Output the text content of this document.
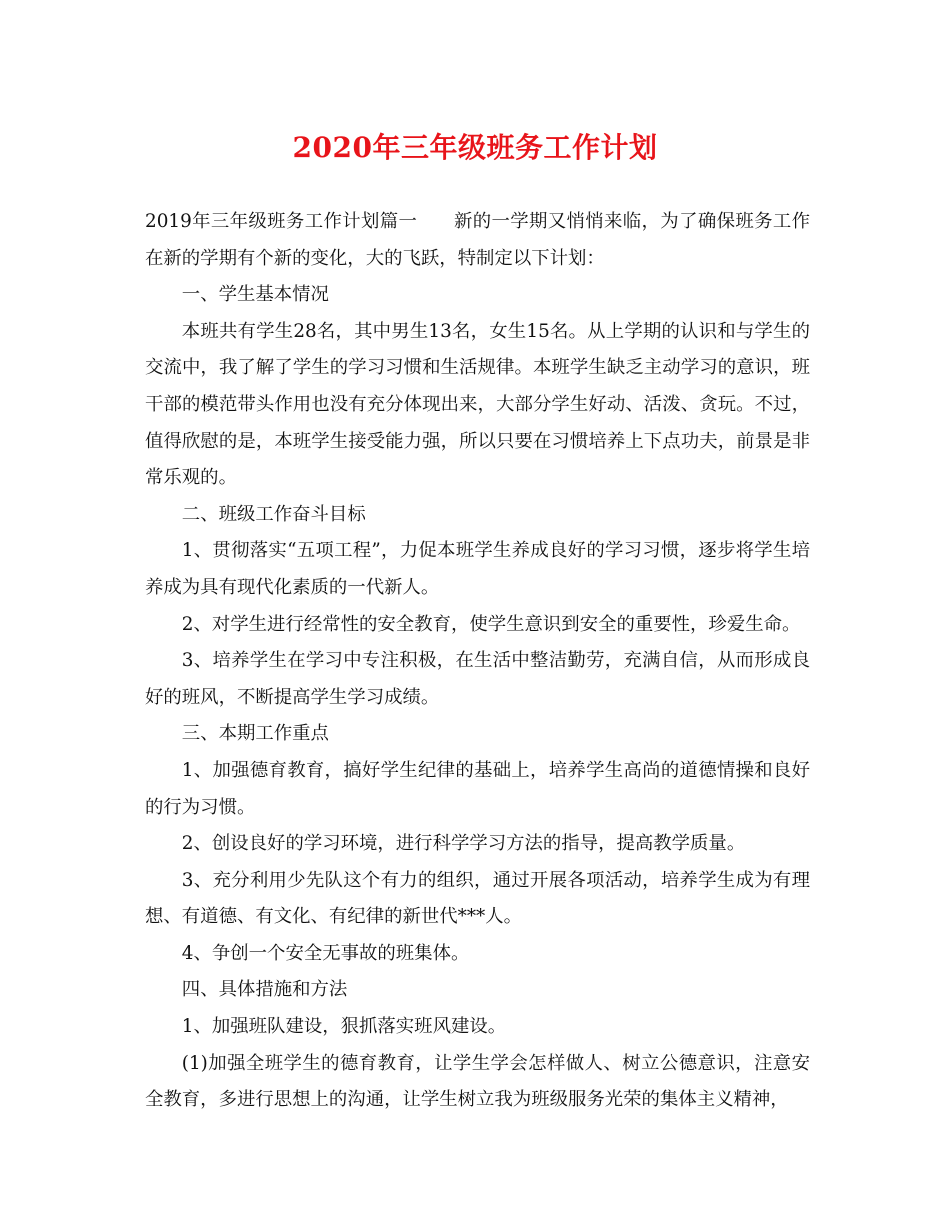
2020年三年级班务工作计划

2019年三年级班务工作计划篇一 新的一学期又悄悄来临，为了确保班务工作在新的学期有个新的变化，大的飞跃，特制定以下计划：

一、学生基本情况

本班共有学生28名，其中男生13名，女生15名。从上学期的认识和与学生的交流中，我了解了学生的学习习惯和生活规律。本班学生缺乏主动学习的意识，班干部的模范带头作用也没有充分体现出来，大部分学生好动、活泼、贪玩。不过，值得欣慰的是，本班学生接受能力强，所以只要在习惯培养上下点功夫，前景是非常乐观的。

二、班级工作奋斗目标

1、贯彻落实“五项工程”，力促本班学生养成良好的学习习惯，逐步将学生培养成为具有现代化素质的一代新人。

2、对学生进行经常性的安全教育，使学生意识到安全的重要性，珍爱生命。

3、培养学生在学习中专注积极，在生活中整洁勤劳，充满自信，从而形成良好的班风，不断提高学生学习成绩。

三、本期工作重点

1、加强德育教育，搞好学生纪律的基础上，培养学生高尚的道德情操和良好的行为习惯。

2、创设良好的学习环境，进行科学学习方法的指导，提高教学质量。

3、充分利用少先队这个有力的组织，通过开展各项活动，培养学生成为有理想、有道德、有文化、有纪律的新世代***人。

4、争创一个安全无事故的班集体。

四、具体措施和方法

1、加强班队建设，狠抓落实班风建设。

(1)加强全班学生的德育教育，让学生学会怎样做人、树立公德意识，注意安全教育，多进行思想上的沟通，让学生树立我为班级服务光荣的集体主义精神，
